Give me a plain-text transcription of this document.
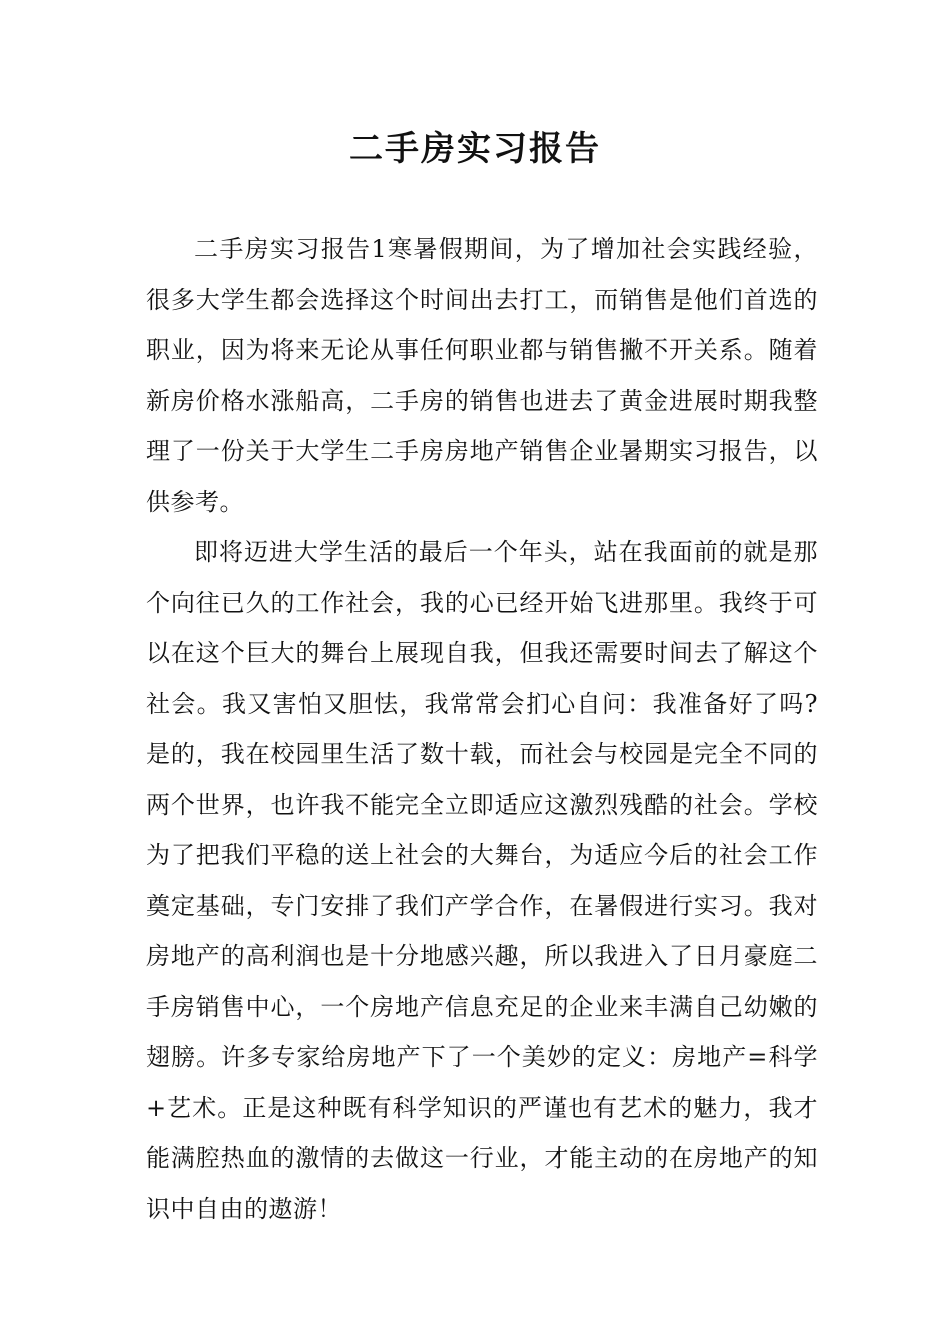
二手房实习报告

二手房实习报告1寒暑假期间，为了增加社会实践经验，很多大学生都会选择这个时间出去打工，而销售是他们首选的职业，因为将来无论从事任何职业都与销售撇不开关系。随着新房价格水涨船高，二手房的销售也进去了黄金进展时期我整理了一份关于大学生二手房房地产销售企业暑期实习报告，以供参考。

即将迈进大学生活的最后一个年头，站在我面前的就是那个向往已久的工作社会，我的心已经开始飞进那里。我终于可以在这个巨大的舞台上展现自我，但我还需要时间去了解这个社会。我又害怕又胆怯，我常常会扪心自问：我准备好了吗?是的，我在校园里生活了数十载，而社会与校园是完全不同的两个世界，也许我不能完全立即适应这激烈残酷的社会。学校为了把我们平稳的送上社会的大舞台，为适应今后的社会工作奠定基础，专门安排了我们产学合作，在暑假进行实习。我对房地产的高利润也是十分地感兴趣，所以我进入了日月豪庭二手房销售中心，一个房地产信息充足的企业来丰满自己幼嫩的翅膀。许多专家给房地产下了一个美妙的定义：房地产=科学+艺术。正是这种既有科学知识的严谨也有艺术的魅力，我才能满腔热血的激情的去做这一行业，才能主动的在房地产的知识中自由的遨游！
